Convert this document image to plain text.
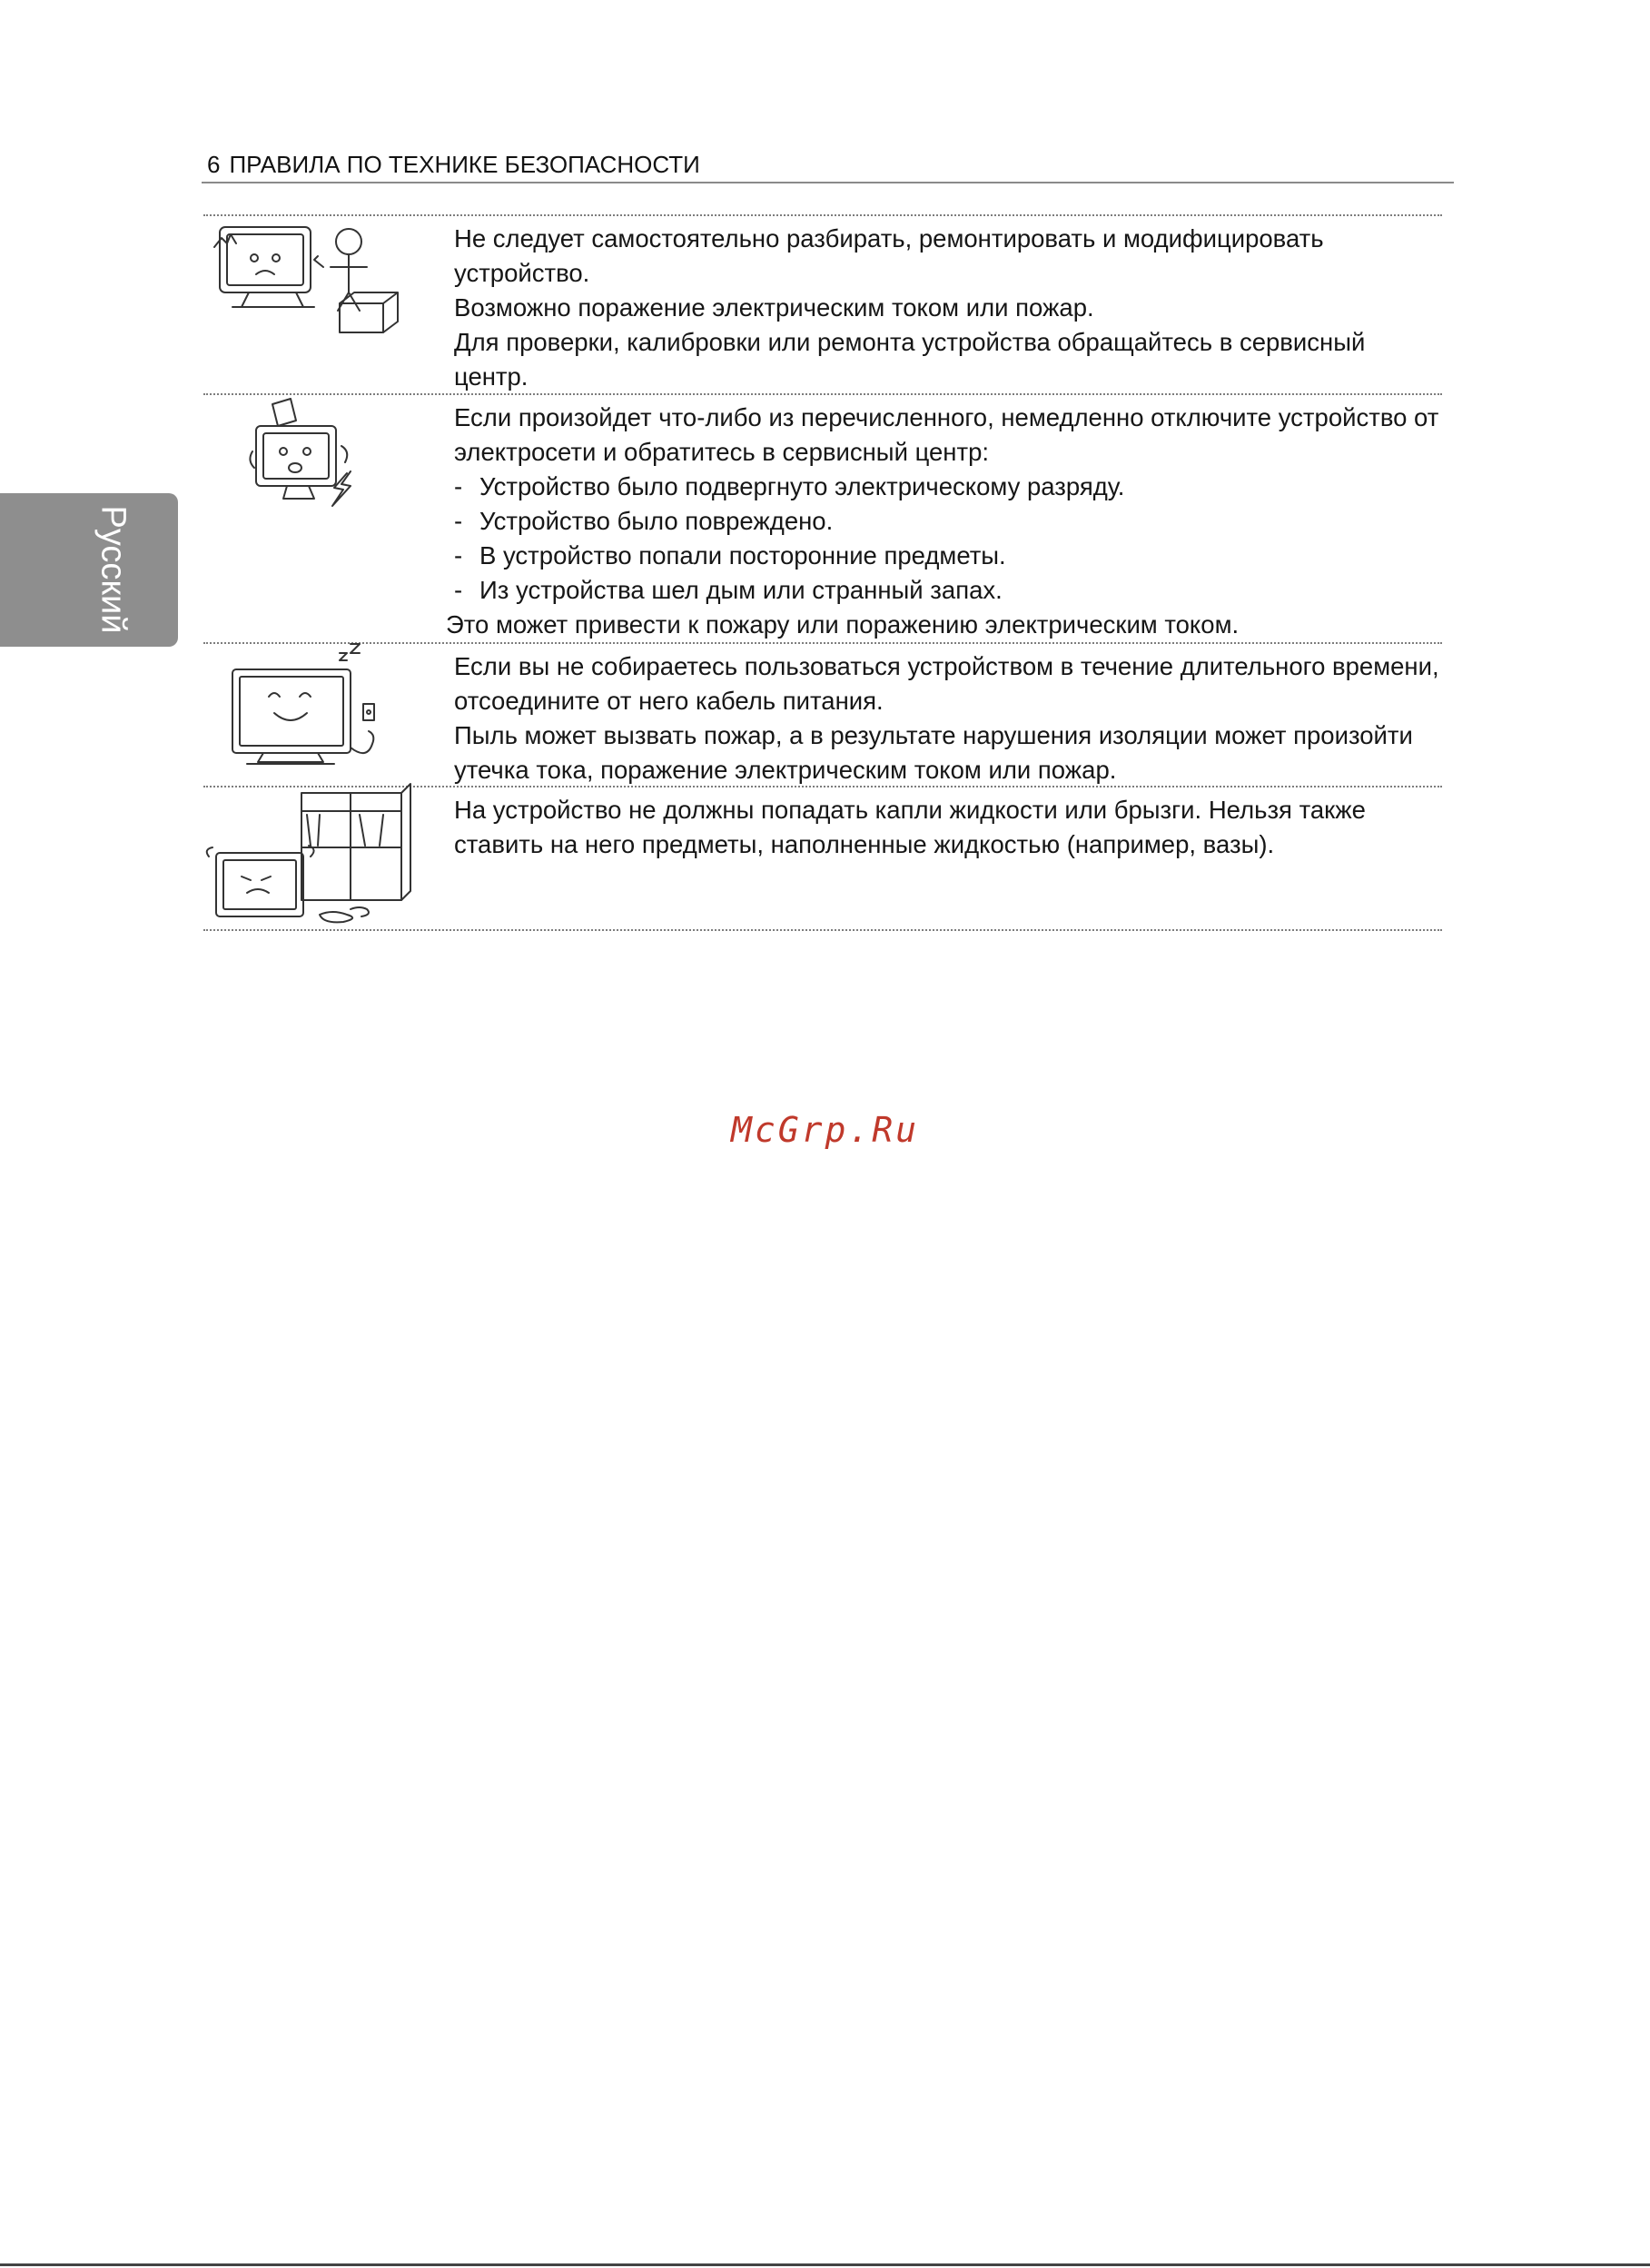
6 ПРАВИЛА ПО ТЕХНИКЕ БЕЗОПАСНОСТИ
Русский

Не следует самостоятельно разбирать, ремонтировать и модифицировать устройство.

Возможно поражение электрическим током или пожар.

Для проверки, калибровки или ремонта устройства обращайтесь в сервисный центр.

Если произойдет что-либо из перечисленного, немедленно отключите устройство от электросети и обратитесь в сервисный центр:

- Устройство было подвергнуто электрическому разряду.

- Устройство было повреждено.

- В устройство попали посторонние предметы.

- Из устройства шел дым или странный запах.

Это может привести к пожару или поражению электрическим током.

Если вы не собираетесь пользоваться устройством в течение длительного времени, отсоедините от него кабель питания.

Пыль может вызвать пожар, а в результате нарушения изоляции может произойти утечка тока, поражение электрическим током или пожар.

На устройство не должны попадать капли жидкости или брызги. Нельзя также ставить на него предметы, наполненные жидкостью (например, вазы).

McGrp.Ru
